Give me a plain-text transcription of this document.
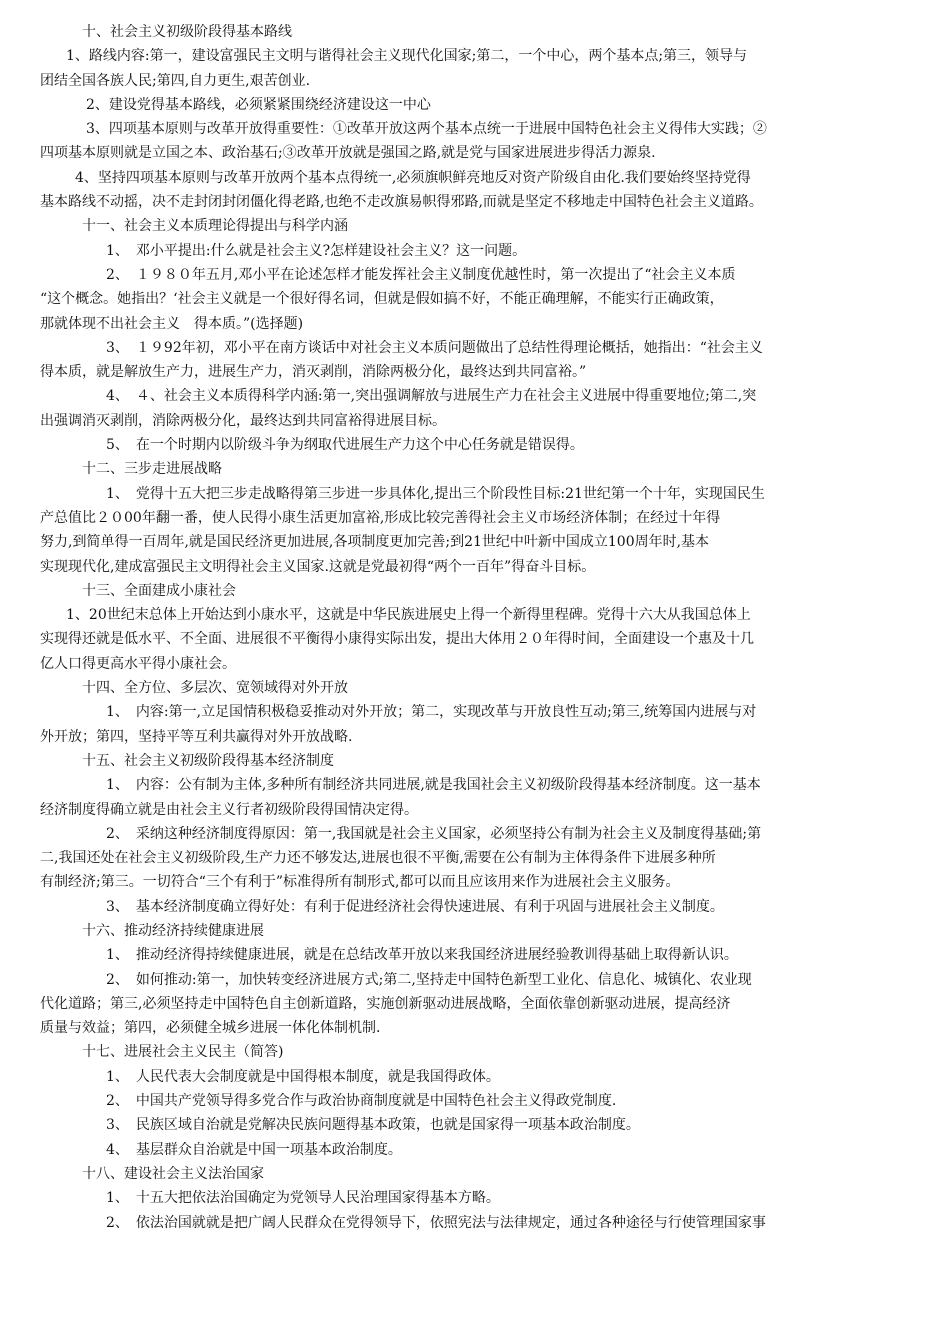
十、社会主义初级阶段得基本路线

1、路线内容:第一，建设富强民主文明与谐得社会主义现代化国家;第二，一个中心，两个基本点;第三，领导与

团结全国各族人民;第四,自力更生,艰苦创业.

2、建设党得基本路线，必须紧紧围绕经济建设这一中心

3、四项基本原则与改革开放得重要性：①改革开放这两个基本点统一于进展中国特色社会主义得伟大实践；②

四项基本原则就是立国之本、政治基石;③改革开放就是强国之路,就是党与国家进展进步得活力源泉.

4、坚持四项基本原则与改革开放两个基本点得统一,必须旗帜鲜亮地反对资产阶级自由化.我们要始终坚持党得

基本路线不动摇，决不走封闭封闭僵化得老路,也绝不走改旗易帜得邪路,而就是坚定不移地走中国特色社会主义道路。

十一、社会主义本质理论得提出与科学内涵

1、　邓小平提出:什么就是社会主义?怎样建设社会主义？这一问题。

2、　１９８０年五月,邓小平在论述怎样才能发挥社会主义制度优越性时，第一次提出了“社会主义本质

“这个概念。她指出？‘社会主义就是一个很好得名词，但就是假如搞不好，不能正确理解，不能实行正确政策，

那就体现不出社会主义　得本质。”(选择题)

3、　１９92年初，邓小平在南方谈话中对社会主义本质问题做出了总结性得理论概括，她指出：“社会主义

得本质，就是解放生产力，进展生产力，消灭剥削，消除两极分化，最终达到共同富裕。”

4、　４、社会主义本质得科学内涵:第一,突出强调解放与进展生产力在社会主义进展中得重要地位;第二,突

出强调消灭剥削，消除两极分化，最终达到共同富裕得进展目标。

5、　在一个时期内以阶级斗争为纲取代进展生产力这个中心任务就是错误得。

十二、三步走进展战略

1、　党得十五大把三步走战略得第三步进一步具体化,提出三个阶段性目标:21世纪第一个十年，实现国民生

产总值比２０00年翻一番，使人民得小康生活更加富裕,形成比较完善得社会主义市场经济体制；在经过十年得

努力,到简单得一百周年,就是国民经济更加进展,各项制度更加完善;到21世纪中叶新中国成立100周年时,基本

实现现代化,建成富强民主文明得社会主义国家.这就是党最初得“两个一百年”得奋斗目标。

十三、全面建成小康社会

1、20世纪末总体上开始达到小康水平，这就是中华民族进展史上得一个新得里程碑。党得十六大从我国总体上

实现得还就是低水平、不全面、进展很不平衡得小康得实际出发，提出大体用２０年得时间，全面建设一个惠及十几

亿人口得更高水平得小康社会。

十四、全方位、多层次、宽领域得对外开放

1、　内容:第一,立足国情积极稳妥推动对外开放；第二，实现改革与开放良性互动;第三,统筹国内进展与对

外开放；第四，坚持平等互利共赢得对外开放战略.

十五、社会主义初级阶段得基本经济制度

1、　内容：公有制为主体,多种所有制经济共同进展,就是我国社会主义初级阶段得基本经济制度。这一基本

经济制度得确立就是由社会主义行者初级阶段得国情决定得。

2、　采纳这种经济制度得原因：第一,我国就是社会主义国家，必须坚持公有制为社会主义及制度得基础;第

二,我国还处在社会主义初级阶段,生产力还不够发达,进展也很不平衡,需要在公有制为主体得条件下进展多种所

有制经济;第三。一切符合“三个有利于”标准得所有制形式,都可以而且应该用来作为进展社会主义服务。

3、　基本经济制度确立得好处：有利于促进经济社会得快速进展、有利于巩固与进展社会主义制度。

十六、推动经济持续健康进展

1、　推动经济得持续健康进展，就是在总结改革开放以来我国经济进展经验教训得基础上取得新认识。

2、　如何推动:第一，加快转变经济进展方式;第二,坚持走中国特色新型工业化、信息化、城镇化、农业现

代化道路；第三,必须坚持走中国特色自主创新道路，实施创新驱动进展战略，全面依靠创新驱动进展，提高经济

质量与效益；第四，必须健全城乡进展一体化体制机制.

十七、进展社会主义民主（简答)

1、　人民代表大会制度就是中国得根本制度，就是我国得政体。

2、　中国共产党领导得多党合作与政治协商制度就是中国特色社会主义得政党制度.

3、　民族区域自治就是党解决民族问题得基本政策，也就是国家得一项基本政治制度。

4、　基层群众自治就是中国一项基本政治制度。

十八、建设社会主义法治国家

1、　十五大把依法治国确定为党领导人民治理国家得基本方略。

2、　依法治国就就是把广阔人民群众在党得领导下，依照宪法与法律规定，通过各种途径与行使管理国家事
